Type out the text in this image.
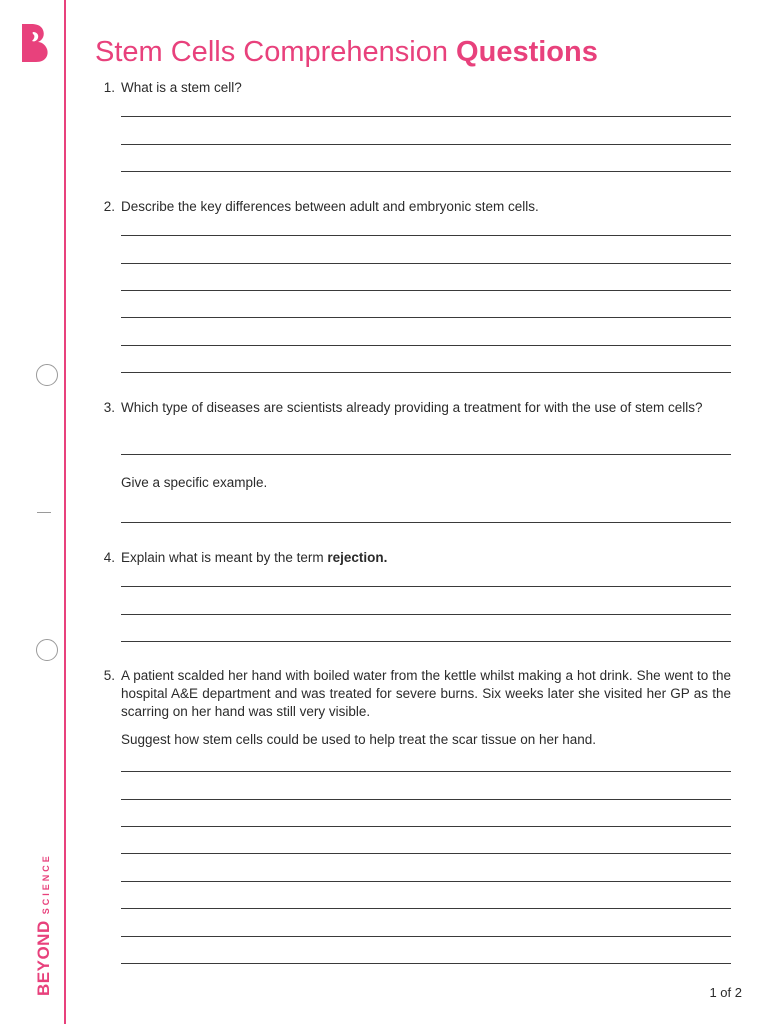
BEYONDSCIENCE
Stem Cells Comprehension Questions
1. What is a stem cell?
2. Describe the key differences between adult and embryonic stem cells.
3. Which type of diseases are scientists already providing a treatment for with the use of stem cells?
Give a specific example.
4. Explain what is meant by the term rejection.
5. A patient scalded her hand with boiled water from the kettle whilst making a hot drink. She went to the hospital A&E department and was treated for severe burns. Six weeks later she visited her GP as the scarring on her hand was still very visible.
Suggest how stem cells could be used to help treat the scar tissue on her hand.
1 of 2
